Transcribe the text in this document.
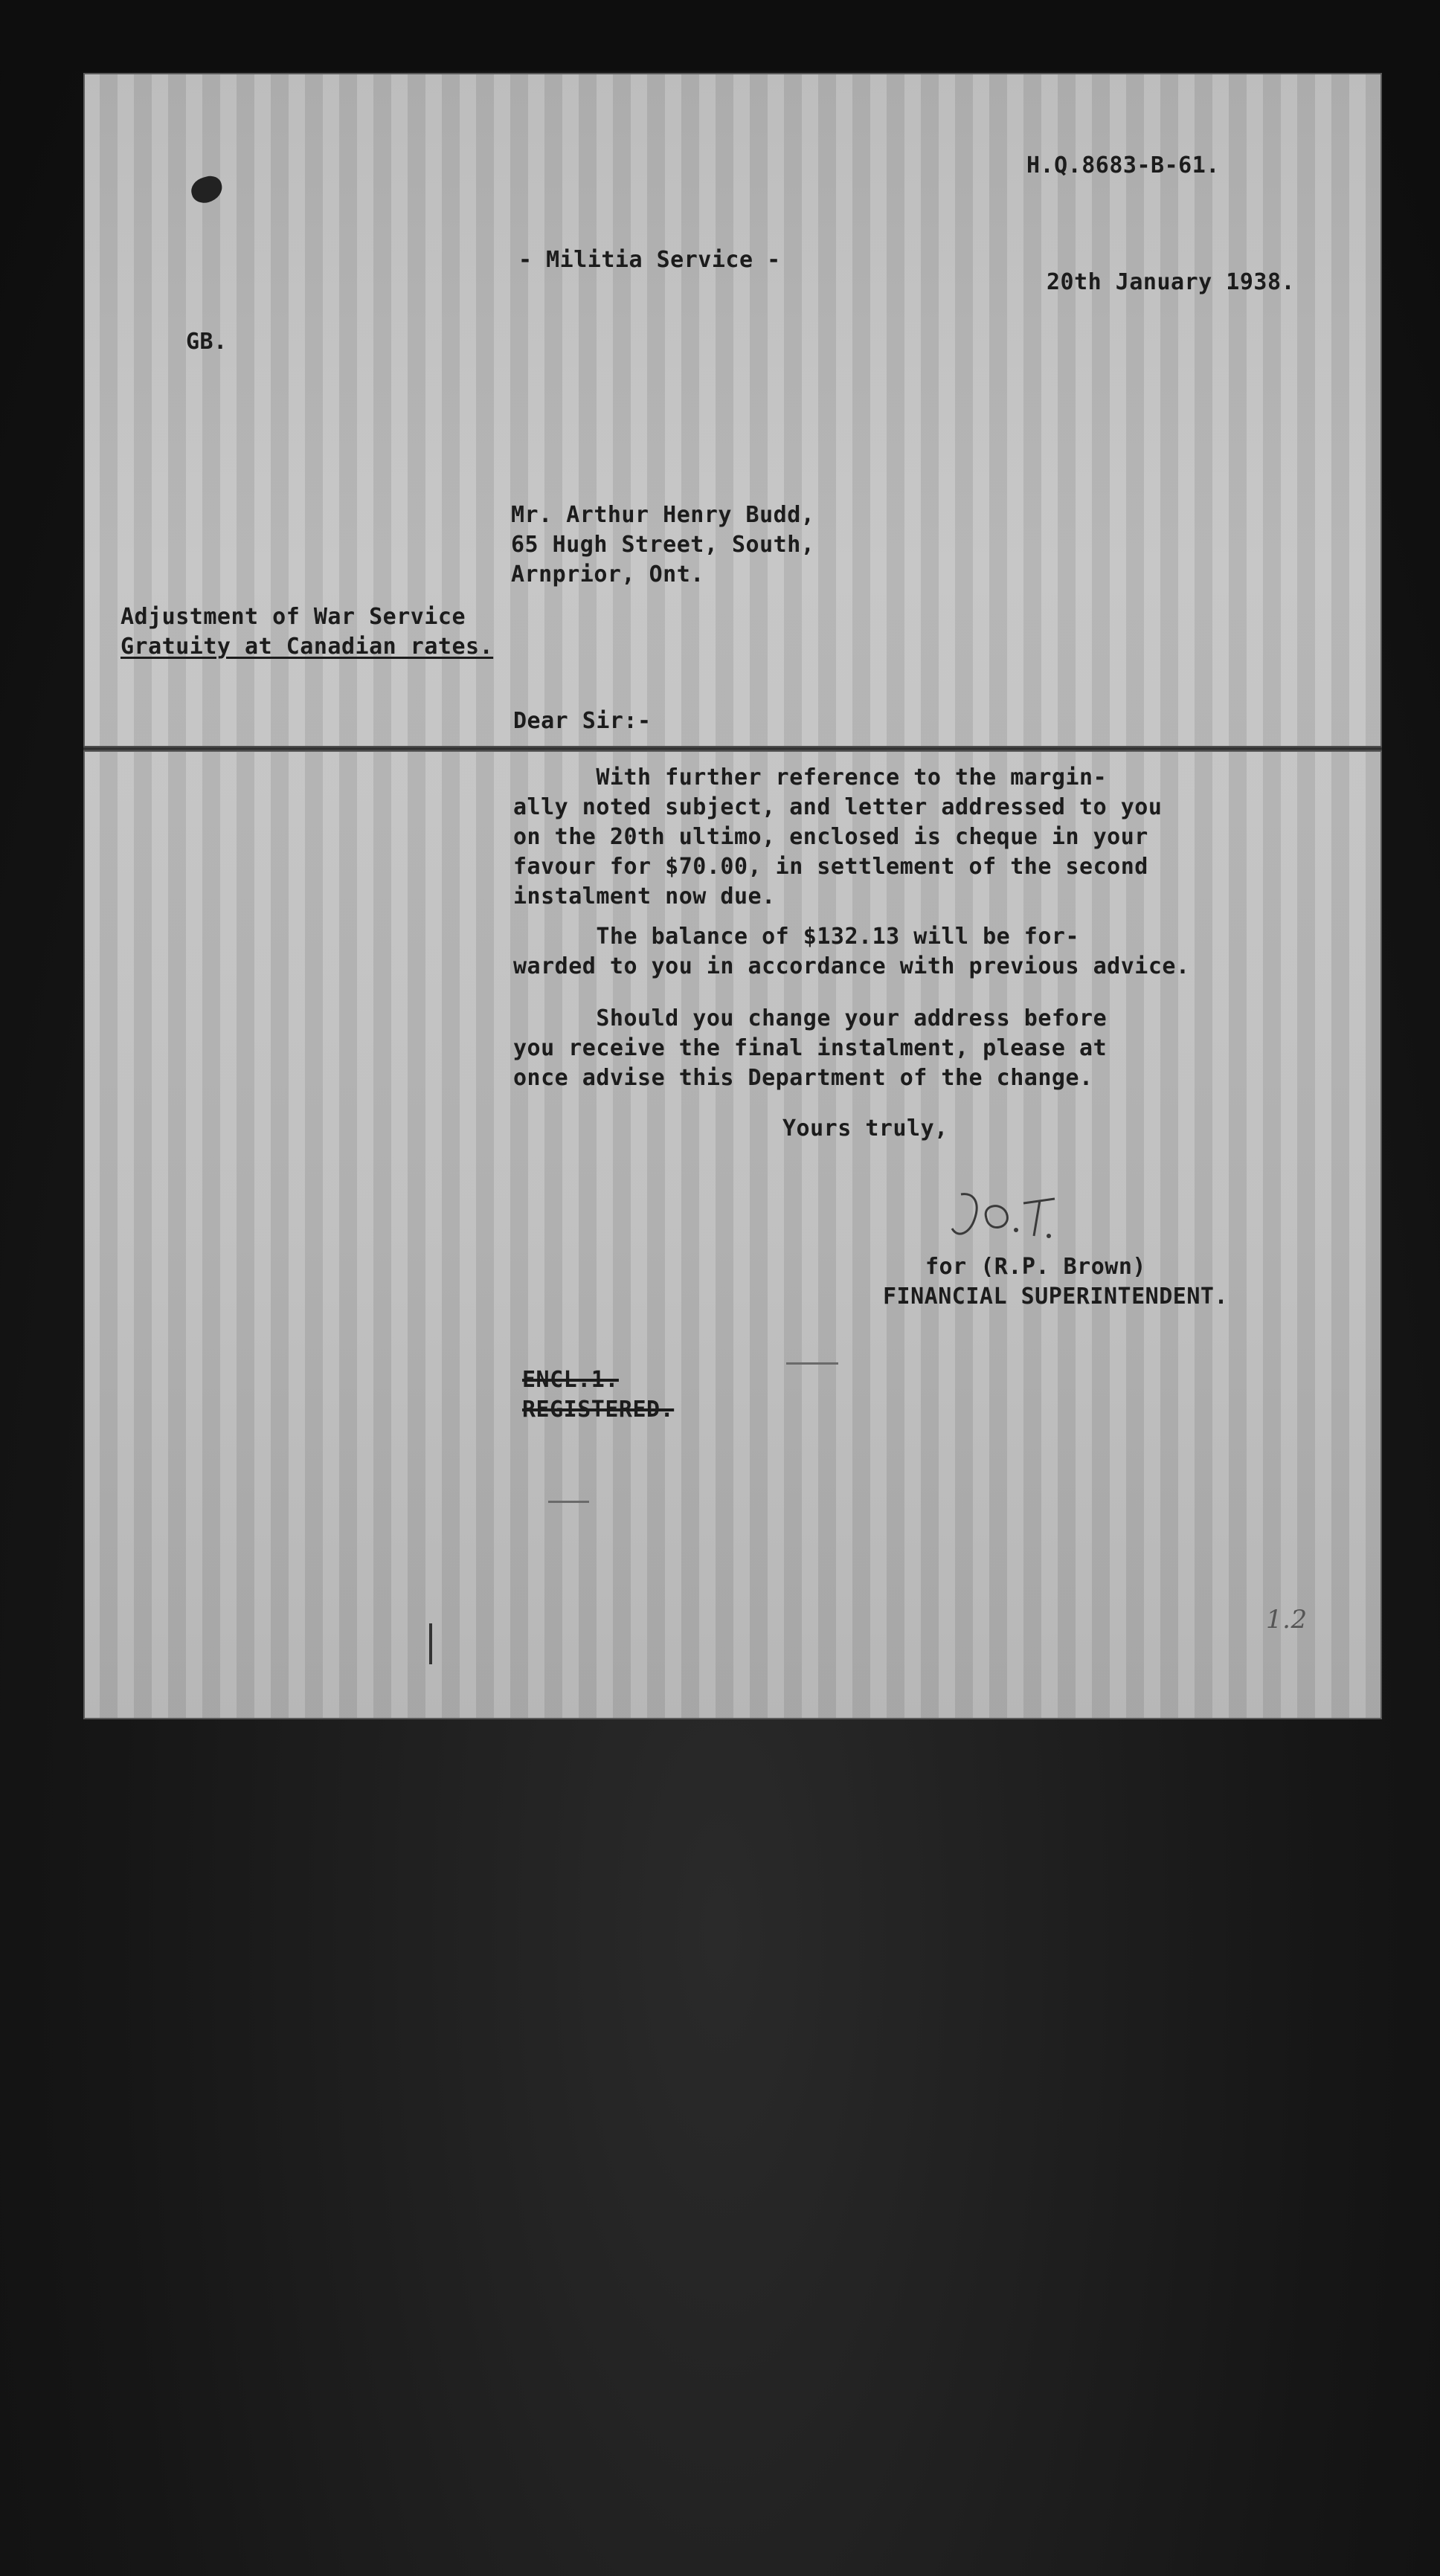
H.Q.8683-B-61.
- Militia Service -
20th January 1938.
GB.
Mr. Arthur Henry Budd,
65 Hugh Street, South,
Arnprior, Ont.
Adjustment of War Service
Gratuity at Canadian rates.
Dear Sir:-
With further reference to the margin-
ally noted subject, and letter addressed to you
on the 20th ultimo, enclosed is cheque in your
favour for $70.00, in settlement of the second
instalment now due.
The balance of $132.13 will be for-
warded to you in accordance with previous advice.
Should you change your address before
you receive the final instalment, please at
once advise this Department of the change.
Yours truly,
for (R.P. Brown)
FINANCIAL SUPERINTENDENT.
ENCL.1.
REGISTERED.
1.2
